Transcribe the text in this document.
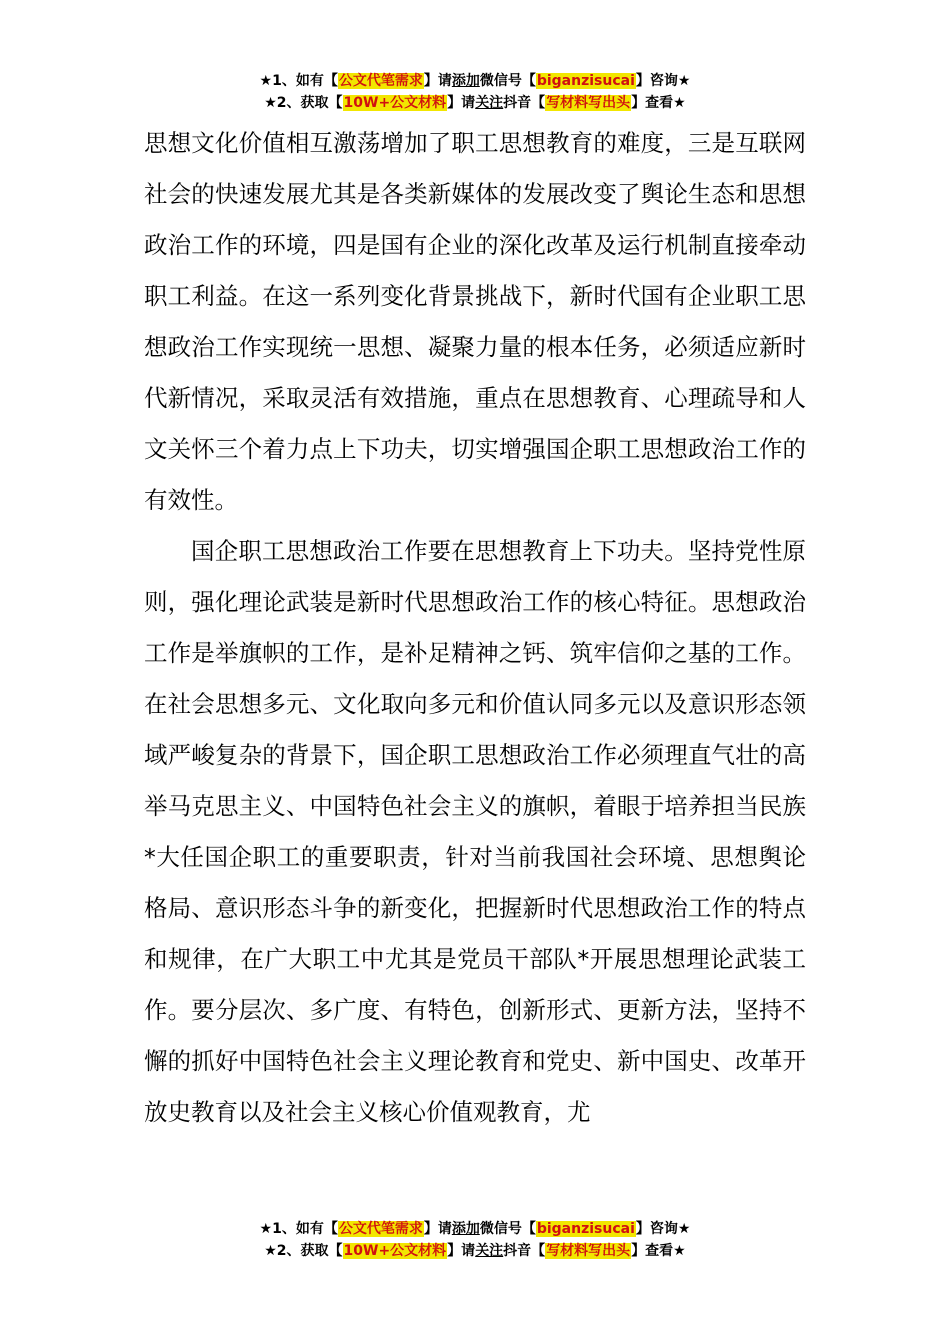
★1、如有【公文代笔需求】请添加微信号【biganzisucai】咨询★
★2、获取【10W+公文材料】请关注抖音【写材料写出头】查看★

思想文化价值相互激荡增加了职工思想教育的难度，三是互联网社会的快速发展尤其是各类新媒体的发展改变了舆论生态和思想政治工作的环境，四是国有企业的深化改革及运行机制直接牵动职工利益。在这一系列变化背景挑战下，新时代国有企业职工思想政治工作实现统一思想、凝聚力量的根本任务，必须适应新时代新情况，采取灵活有效措施，重点在思想教育、心理疏导和人文关怀三个着力点上下功夫，切实增强国企职工思想政治工作的有效性。

国企职工思想政治工作要在思想教育上下功夫。坚持党性原则，强化理论武装是新时代思想政治工作的核心特征。思想政治工作是举旗帜的工作，是补足精神之钙、筑牢信仰之基的工作。在社会思想多元、文化取向多元和价值认同多元以及意识形态领域严峻复杂的背景下，国企职工思想政治工作必须理直气壮的高举马克思主义、中国特色社会主义的旗帜，着眼于培养担当民族*大任国企职工的重要职责，针对当前我国社会环境、思想舆论格局、意识形态斗争的新变化，把握新时代思想政治工作的特点和规律，在广大职工中尤其是党员干部队*开展思想理论武装工作。要分层次、多广度、有特色，创新形式、更新方法，坚持不懈的抓好中国特色社会主义理论教育和党史、新中国史、改革开放史教育以及社会主义核心价值观教育，尤

★1、如有【公文代笔需求】请添加微信号【biganzisucai】咨询★
★2、获取【10W+公文材料】请关注抖音【写材料写出头】查看★
